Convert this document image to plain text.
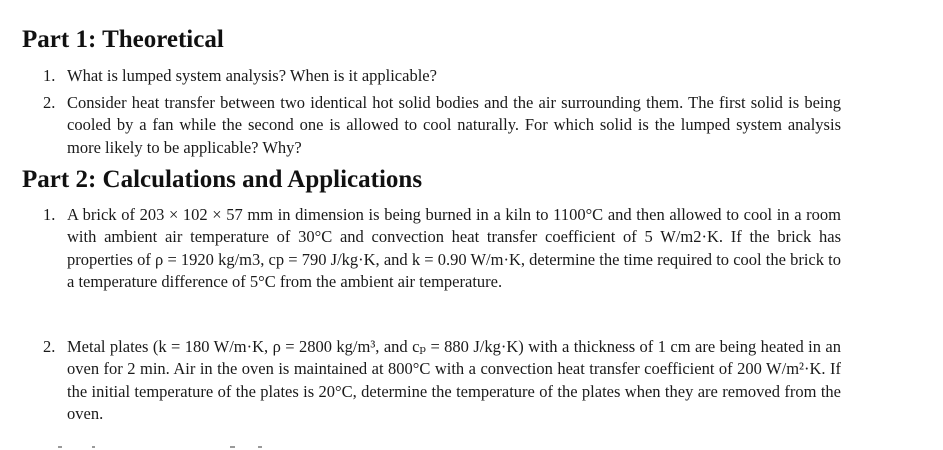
Part 1: Theoretical
1. What is lumped system analysis? When is it applicable?
2. Consider heat transfer between two identical hot solid bodies and the air surrounding them. The first solid is being cooled by a fan while the second one is allowed to cool naturally. For which solid is the lumped system analysis more likely to be applicable? Why?
Part 2: Calculations and Applications
1. A brick of 203 × 102 × 57 mm in dimension is being burned in a kiln to 1100°C and then allowed to cool in a room with ambient air temperature of 30°C and convection heat transfer coefficient of 5 W/m2·K. If the brick has properties of ρ = 1920 kg/m3, cp = 790 J/kg·K, and k = 0.90 W/m·K, determine the time required to cool the brick to a temperature difference of 5°C from the ambient air temperature.
2. Metal plates (k = 180 W/m·K, ρ = 2800 kg/m³, and cₚ = 880 J/kg·K) with a thickness of 1 cm are being heated in an oven for 2 min. Air in the oven is maintained at 800°C with a convection heat transfer coefficient of 200 W/m²·K. If the initial temperature of the plates is 20°C, determine the temperature of the plates when they are removed from the oven.
